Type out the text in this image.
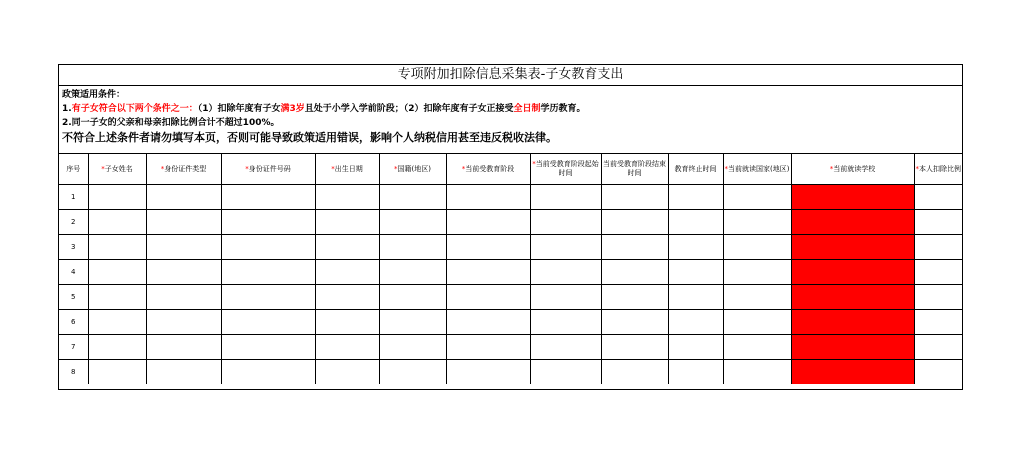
专项附加扣除信息采集表-子女教育支出
政策适用条件：
1.有子女符合以下两个条件之一：（1）扣除年度有子女满3岁且处于小学入学前阶段；（2）扣除年度有子女正接受全日制学历教育。
2.同一子女的父亲和母亲扣除比例合计不超过100%。
不符合上述条件者请勿填写本页，否则可能导致政策适用错误，影响个人纳税信用甚至违反税收法律。
序号	*子女姓名	*身份证件类型	*身份证件号码	*出生日期	*国籍(地区)	*当前受教育阶段	*当前受教育阶段起始时间	当前受教育阶段结束时间	教育终止时间	*当前就读国家(地区)	*当前就读学校	*本人扣除比例
1												
2												
3												
4												
5												
6												
7												
8												
